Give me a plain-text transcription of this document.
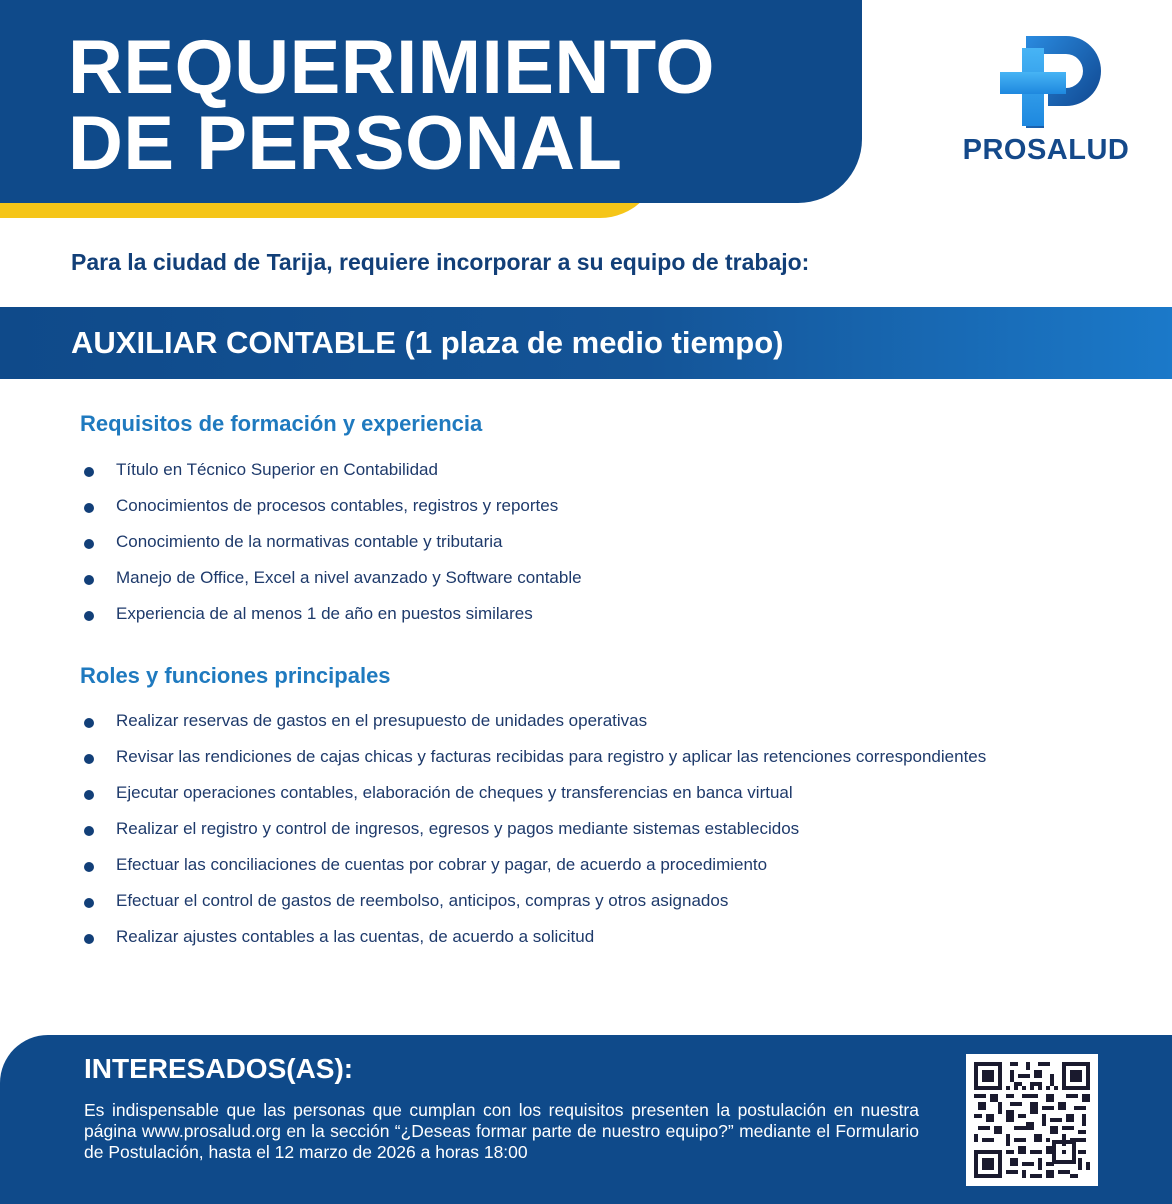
REQUERIMIENTO
DE PERSONAL	PROSALUD

Para la ciudad de Tarija, requiere incorporar a su equipo de trabajo:

AUXILIAR CONTABLE (1 plaza de medio tiempo)
Requisitos de formación y experiencia
Título en Técnico Superior en Contabilidad
Conocimientos de procesos contables, registros y reportes
Conocimiento de la normativas contable y tributaria
Manejo de Office, Excel a nivel avanzado y Software contable
Experiencia de al menos 1 de año en puestos similares
Roles y funciones principales
Realizar reservas de gastos en el presupuesto de unidades operativas
Revisar las rendiciones de cajas chicas y facturas recibidas para registro y aplicar las retenciones correspondientes
Ejecutar operaciones contables, elaboración de cheques y transferencias en banca virtual
Realizar el registro y control de ingresos, egresos y pagos mediante sistemas establecidos
Efectuar las conciliaciones de cuentas por cobrar y pagar, de acuerdo a procedimiento
Efectuar el control de gastos de reembolso, anticipos, compras y otros asignados
Realizar ajustes contables a las cuentas, de acuerdo a solicitud
INTERESADOS(AS):

Es indispensable que las personas que cumplan con los requisitos presenten la postulación en nuestra página www.prosalud.org en la sección “¿Deseas formar parte de nuestro equipo?” mediante el Formulario de Postulación, hasta el 12 marzo de 2026 a horas 18:00
